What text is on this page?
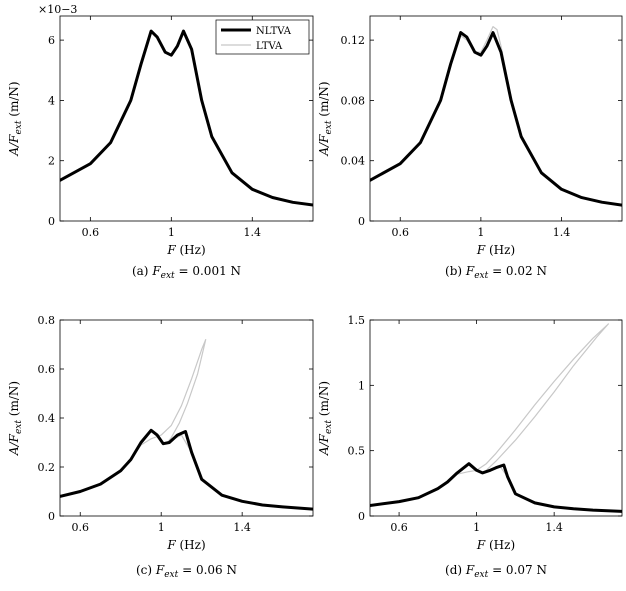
0.6	1	1.4
0
2
4
6
×10−3
F (Hz)
$A/F_{ext}$ (m/N)
(a) $F_{ext} = 0.001$ N
NLTVA
LTVA
0.6	1	1.4
0
0.04
0.08
0.12
F (Hz)
$A/F_{ext}$ (m/N)
(b) $F_{ext} = 0.02$ N
0.6	1	1.4
0
0.2
0.4
0.6
0.8
F (Hz)
$A/F_{ext}$ (m/N)
(c) $F_{ext} = 0.06$ N
0.6	1	1.4
0
0.5
1
1.5
F (Hz)
$A/F_{ext}$ (m/N)
(d) $F_{ext} = 0.07$ N
